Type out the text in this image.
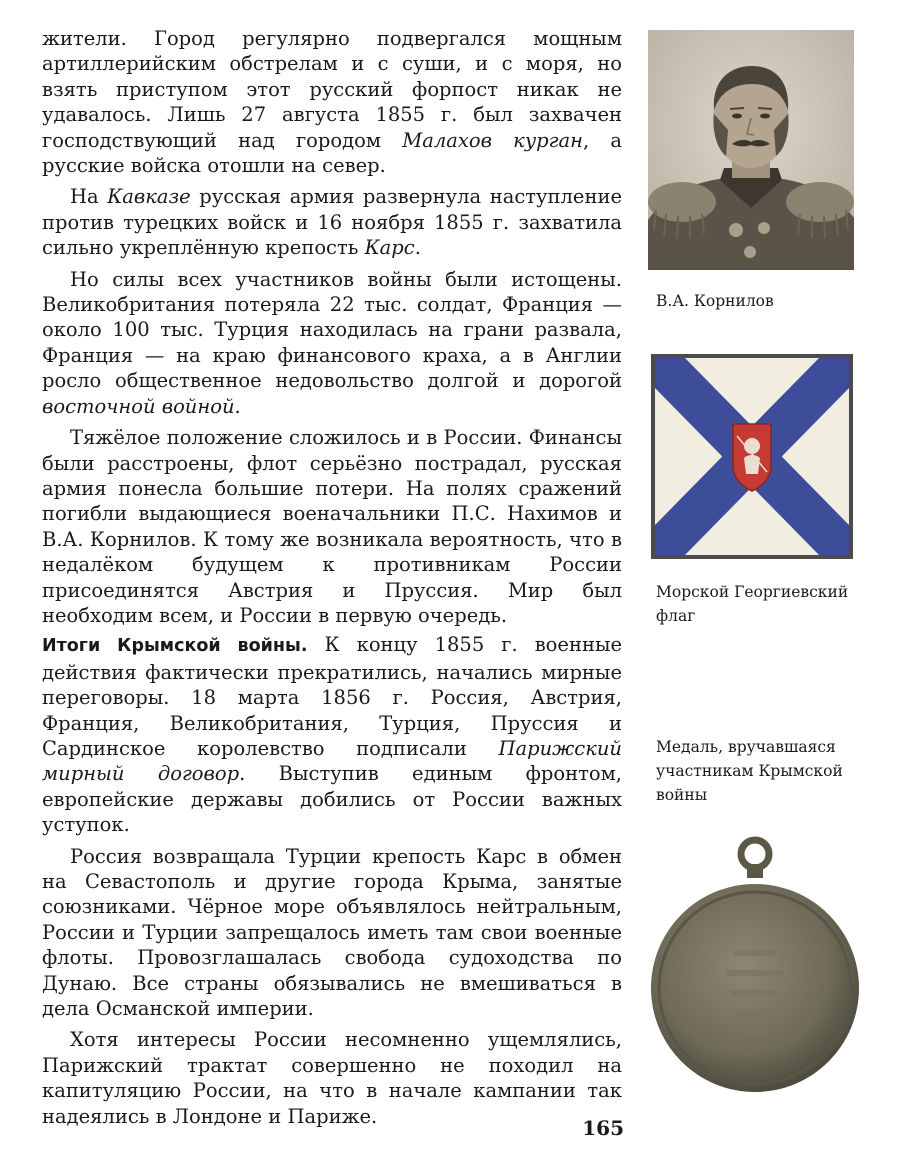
жители. Город регулярно подвергался мощным артиллерийским обстрелам и с суши, и с моря, но взять приступом этот русский форпост никак не удавалось. Лишь 27 августа 1855 г. был захвачен господствующий над городом Малахов курган, а русские войска отошли на север.

На Кавказе русская армия развернула наступление против турецких войск и 16 ноября 1855 г. захватила сильно укреплённую крепость Карс.

Но силы всех участников войны были истощены. Великобритания потеряла 22 тыс. солдат, Франция — около 100 тыс. Турция находилась на грани развала, Франция — на краю финансового краха, а в Англии росло общественное недовольство долгой и дорогой восточной войной.

Тяжёлое положение сложилось и в России. Финансы были расстроены, флот серьёзно пострадал, русская армия понесла большие потери. На полях сражений погибли выдающиеся военачальники П.С. Нахимов и В.А. Корнилов. К тому же возникала вероятность, что в недалёком будущем к противникам России присоединятся Австрия и Пруссия. Мир был необходим всем, и России в первую очередь.

Итоги Крымской войны. К концу 1855 г. военные действия фактически прекратились, начались мирные переговоры. 18 марта 1856 г. Россия, Австрия, Франция, Великобритания, Турция, Пруссия и Сардинское королевство подписали Парижский мирный договор. Выступив единым фронтом, европейские державы добились от России важных уступок.

Россия возвращала Турции крепость Карс в обмен на Севастополь и другие города Крыма, занятые союзниками. Чёрное море объявлялось нейтральным, России и Турции запрещалось иметь там свои военные флоты. Провозглашалась свобода судоходства по Дунаю. Все страны обязывались не вмешиваться в дела Османской империи.

Хотя интересы России несомненно ущемлялись, Парижский трактат совершенно не походил на капитуляцию России, на что в начале кампании так надеялись в Лондоне и Париже.

В.А. Корнилов
Морской Георгиевский флаг
Медаль, вручавшаяся участникам Крымской войны
165
